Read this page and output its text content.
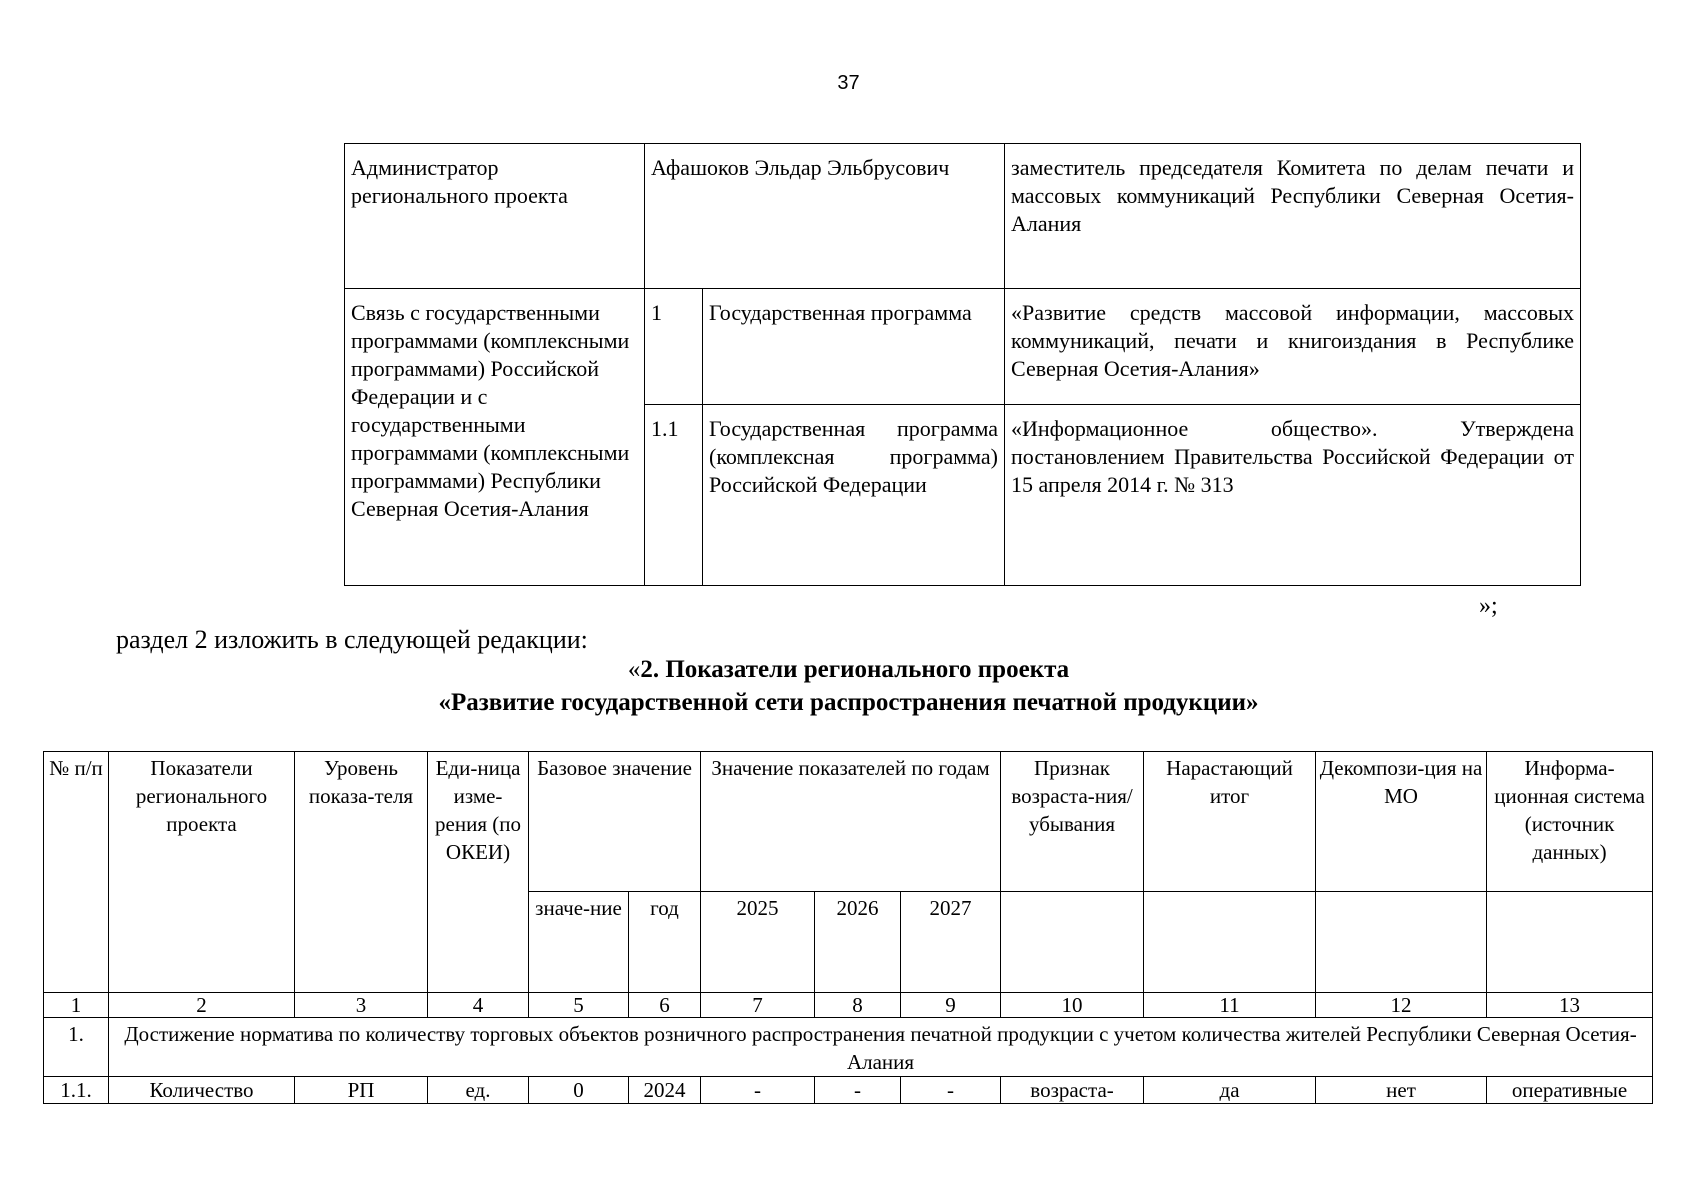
37
Администратор регионального проекта	Афашоков Эльдар Эльбрусович		заместитель председателя Комитета по делам печати и массовых коммуникаций Республики Северная Осетия-Алания
Связь с государственными программами (комплексными программами) Российской Федерации и с государственными программами (комплексными программами) Республики Северная Осетия-Алания	1	Государственная программа	«Развитие средств массовой информации, массовых коммуникаций, печати и книгоиздания в Республике Северная Осетия-Алания»
	1.1	Государственная программа (комплексная программа) Российской Федерации	«Информационное общество». Утверждена постановлением Правительства Российской Федерации от 15 апреля 2014 г. № 313
»;
раздел 2 изложить в следующей редакции:
«2. Показатели регионального проекта
«Развитие государственной сети распространения печатной продукции»
№ п/п	Показатели регионального проекта	Уровень показа-теля	Еди-ница изме-рения (по ОКЕИ)	Базовое значение		Значение показателей по годам			Признак возраста-ния/ убывания	Нарастающий итог	Декомпози-ция на МО	Информа-ционная система (источник данных)
				значе-ние	год	2025	2026	2027				
1	2	3	4	5	6	7	8	9	10	11	12	13
1.	Достижение норматива по количеству торговых объектов розничного распространения печатной продукции с учетом количества жителей Республики Северная Осетия-Алания											
1.1.	Количество	РП	ед.	0	2024	-	-	-	возраста-	да	нет	оперативные
